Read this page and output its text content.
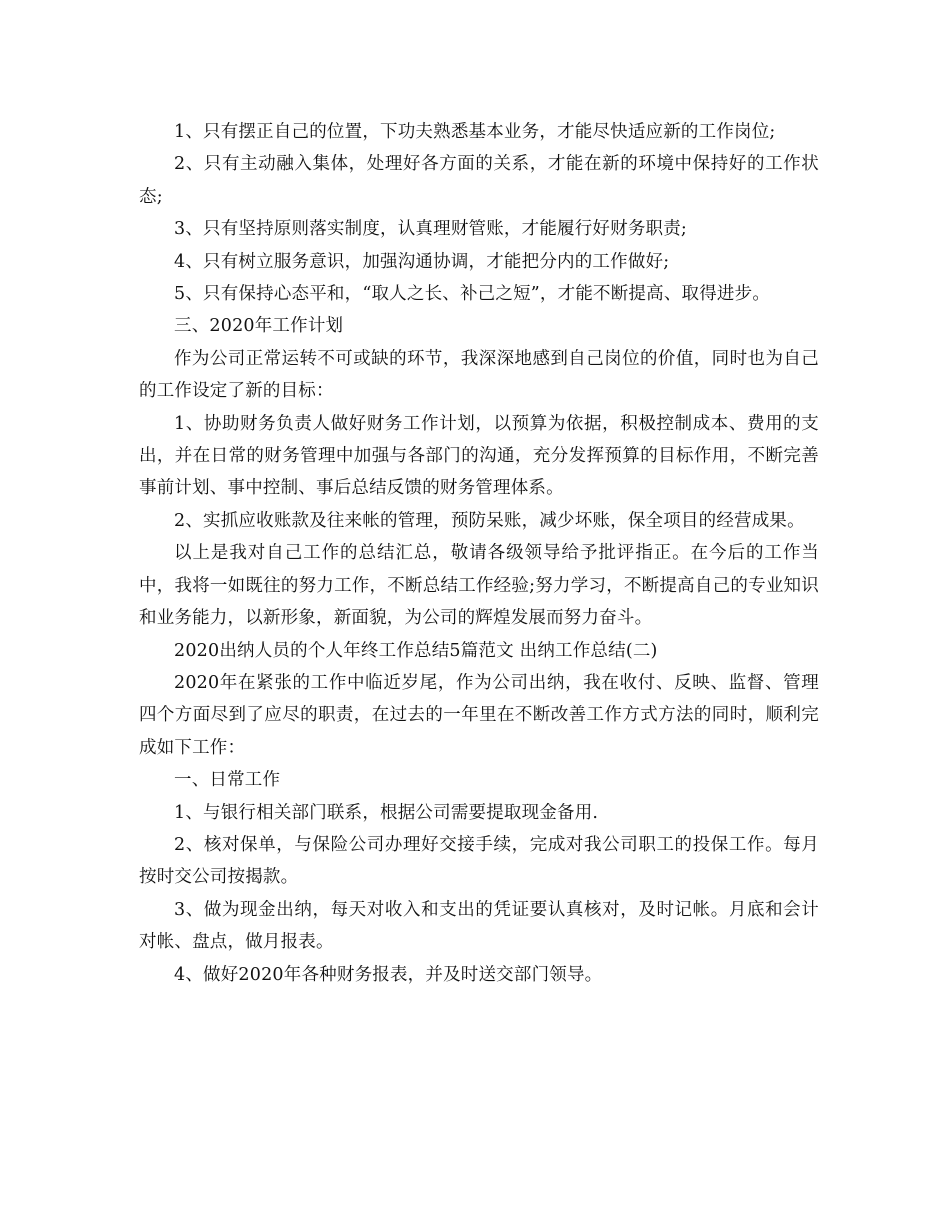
1、只有摆正自己的位置，下功夫熟悉基本业务，才能尽快适应新的工作岗位;

2、只有主动融入集体，处理好各方面的关系，才能在新的环境中保持好的工作状态;

3、只有坚持原则落实制度，认真理财管账，才能履行好财务职责;

4、只有树立服务意识，加强沟通协调，才能把分内的工作做好;

5、只有保持心态平和，“取人之长、补己之短”，才能不断提高、取得进步。

三、2020年工作计划

作为公司正常运转不可或缺的环节，我深深地感到自己岗位的价值，同时也为自己的工作设定了新的目标：

1、协助财务负责人做好财务工作计划，以预算为依据，积极控制成本、费用的支出，并在日常的财务管理中加强与各部门的沟通，充分发挥预算的目标作用，不断完善事前计划、事中控制、事后总结反馈的财务管理体系。

2、实抓应收账款及往来帐的管理，预防呆账，减少坏账，保全项目的经营成果。

以上是我对自己工作的总结汇总，敬请各级领导给予批评指正。在今后的工作当中，我将一如既往的努力工作，不断总结工作经验;努力学习，不断提高自己的专业知识和业务能力，以新形象，新面貌，为公司的辉煌发展而努力奋斗。

2020出纳人员的个人年终工作总结5篇范文 出纳工作总结(二)

2020年在紧张的工作中临近岁尾，作为公司出纳，我在收付、反映、监督、管理四个方面尽到了应尽的职责，在过去的一年里在不断改善工作方式方法的同时，顺利完成如下工作：

一、日常工作

1、与银行相关部门联系，根据公司需要提取现金备用.

2、核对保单，与保险公司办理好交接手续，完成对我公司职工的投保工作。每月按时交公司按揭款。

3、做为现金出纳，每天对收入和支出的凭证要认真核对，及时记帐。月底和会计对帐、盘点，做月报表。

4、做好2020年各种财务报表，并及时送交部门领导。
